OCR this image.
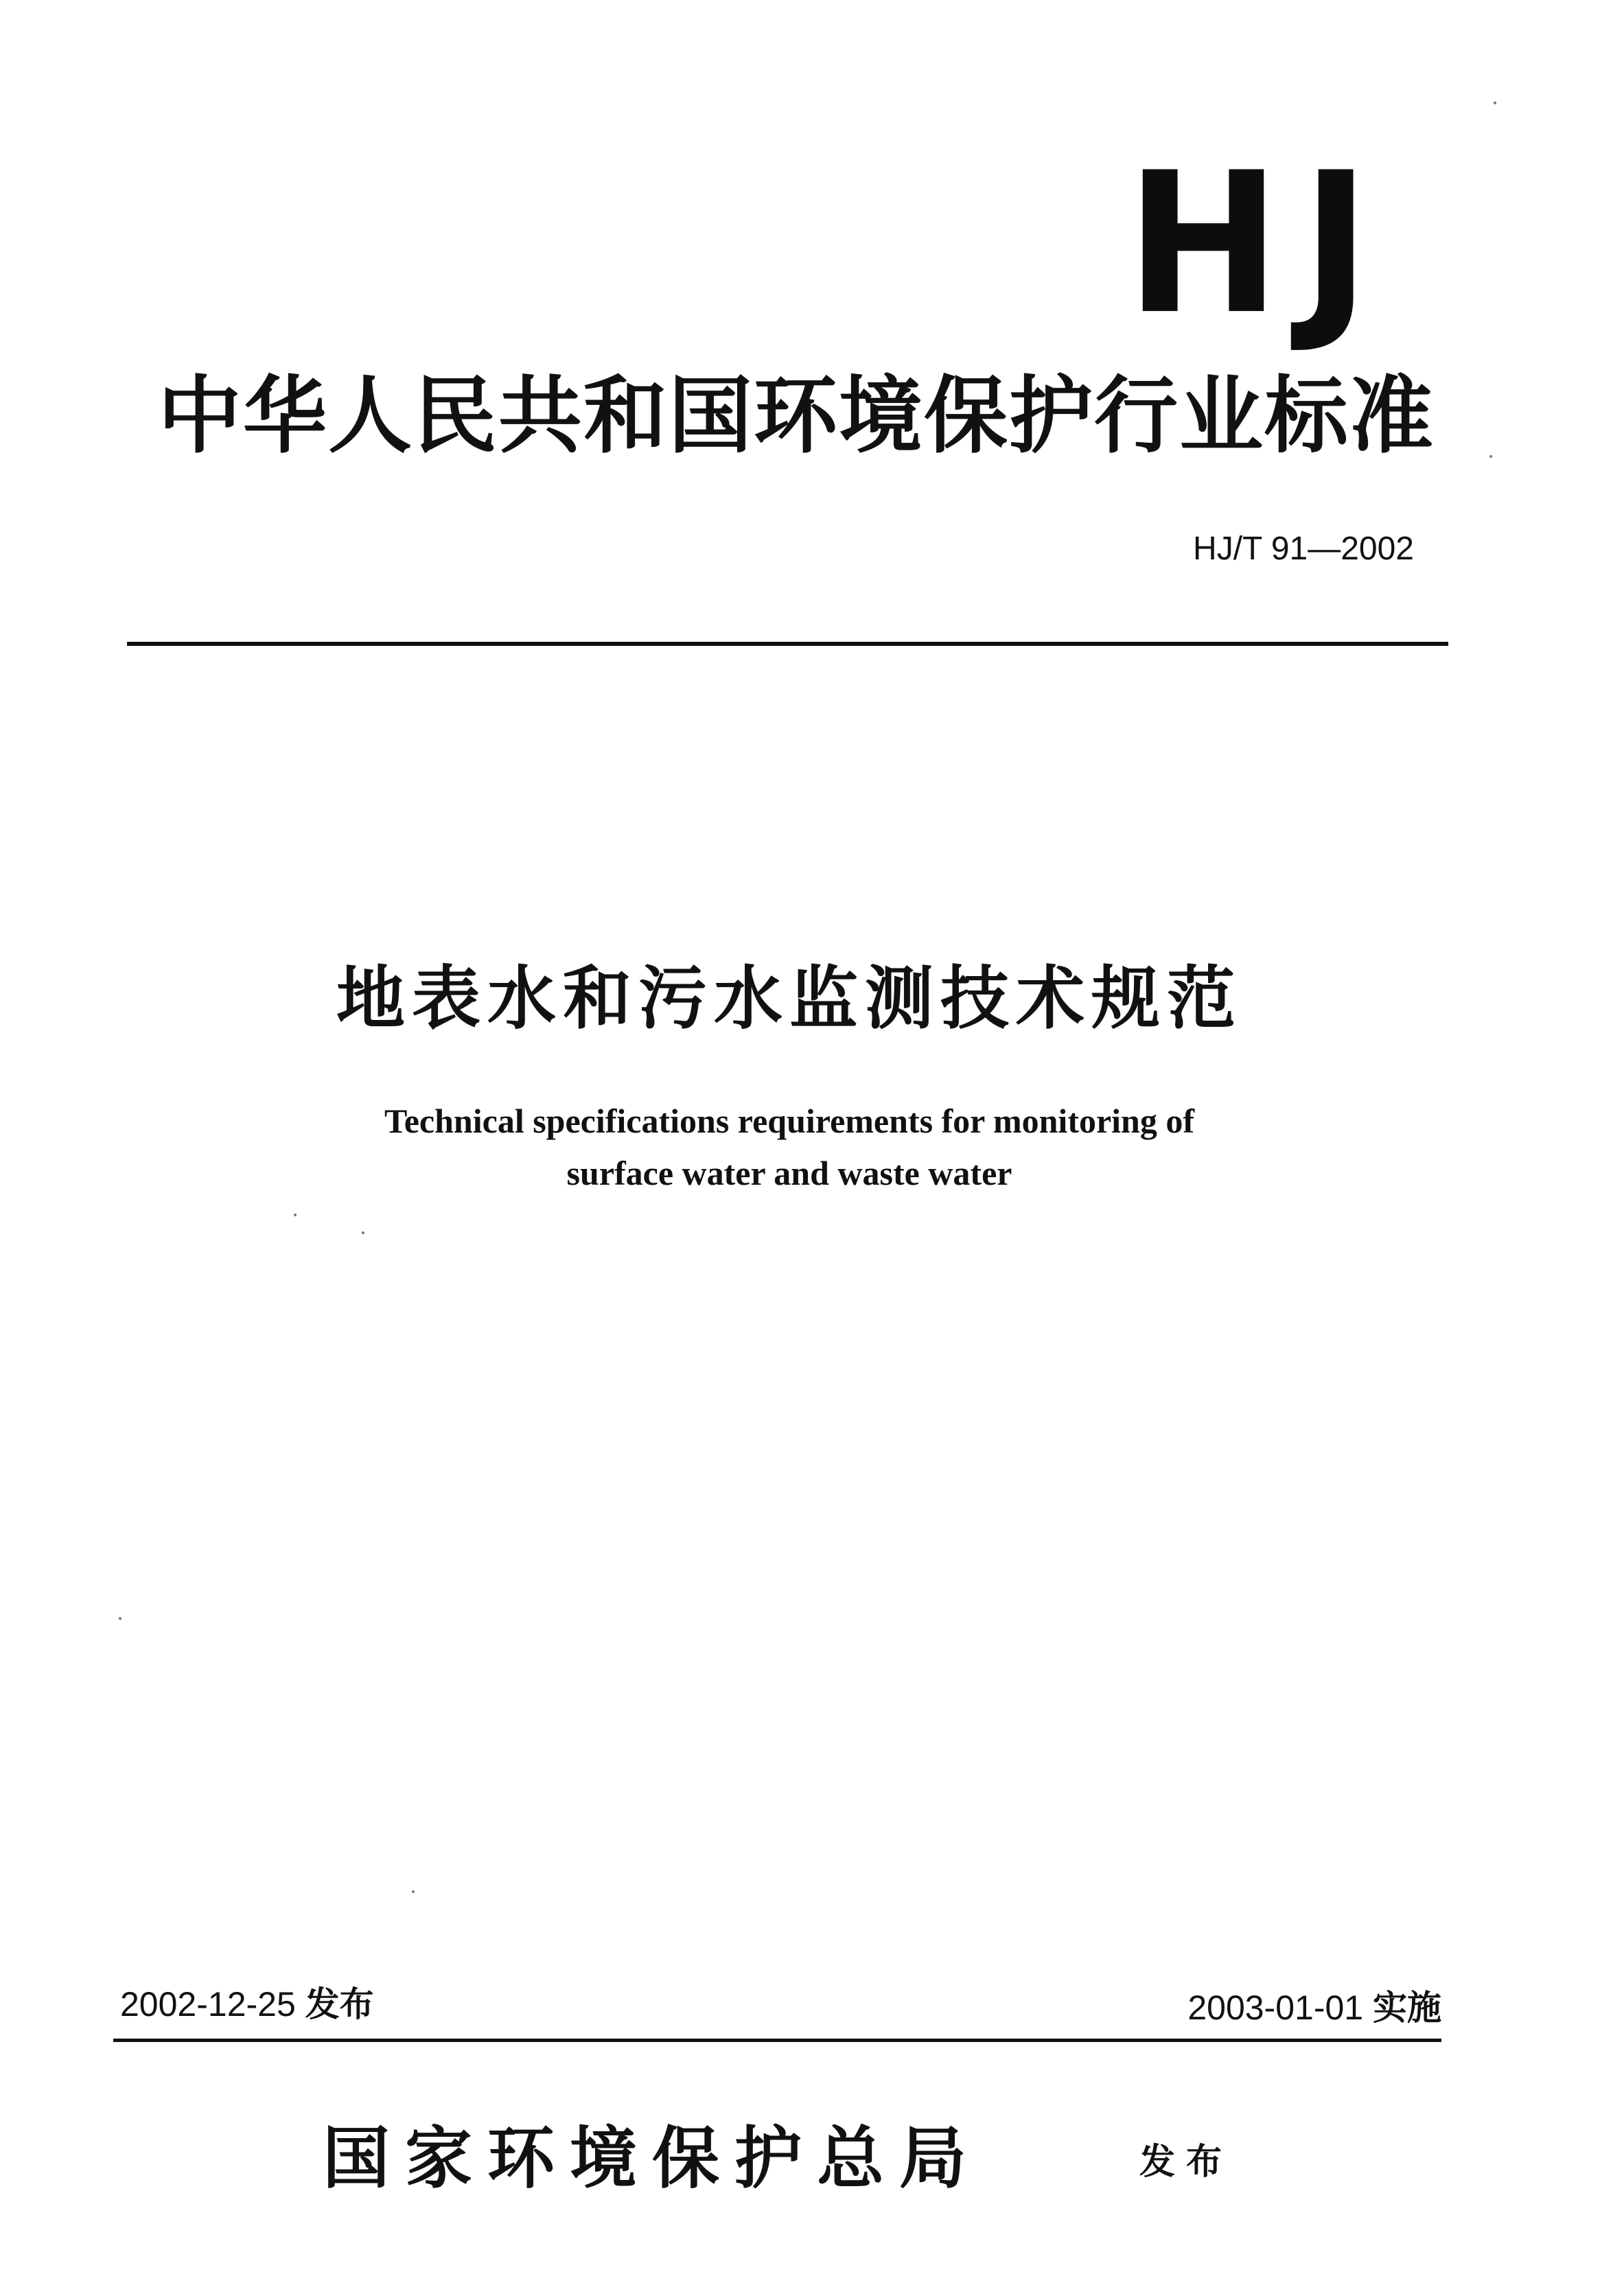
HJ
中华人民共和国环境保护行业标准
HJ/T 91—2002
地表水和污水监测技术规范
Technical specifications requirements for monitoring of
surface water and waste water
2002-12-25 发布	2003-01-01 实施
国家环境保护总局	发布
